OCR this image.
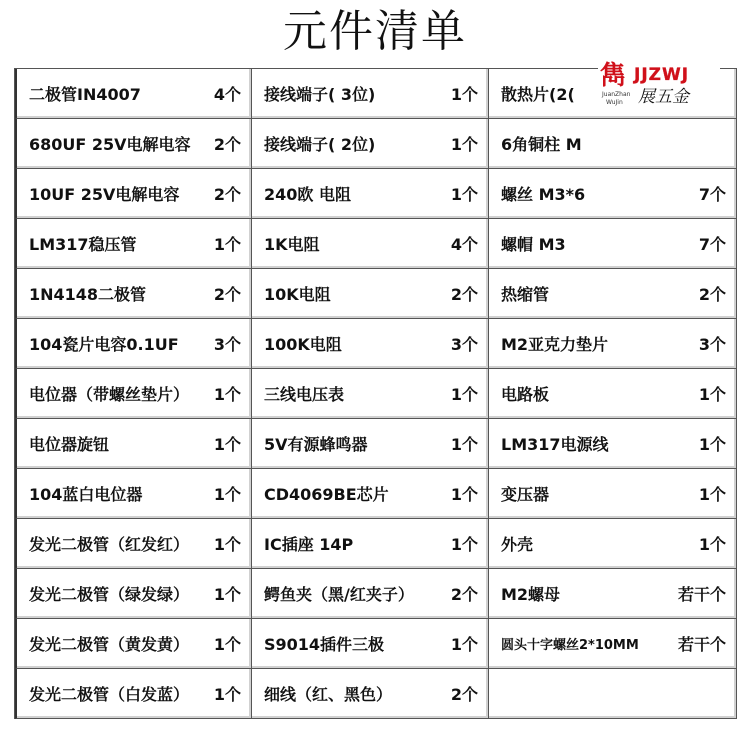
元件清单
二极管IN4007	4个 接线端子( 3位)	1个 散热片(2(
680UF 25V电解电容 2个 接线端子( 2位)	1个 6角铜柱 M
10UF 25V电解电容 2个 240欧 电阻	1个 螺丝 M3*6	7个
LM317稳压管	1个 1K电阻	4个 螺帽 M3	7个
1N4148二极管	2个 10K电阻	2个 热缩管	2个
104瓷片电容0.1UF 3个 100K电阻	3个 M2亚克力垫片	3个
电位器（带螺丝垫片） 1个 三线电压表	1个 电路板	1个
电位器旋钮	1个 5V有源蜂鸣器	1个 LM317电源线	1个
104蓝白电位器	1个 CD4069BE芯片	1个 变压器	1个
发光二极管（红发红） 1个 IC插座 14P	1个 外壳	1个
发光二极管（绿发绿） 1个 鳄鱼夹（黑/红夹子） 2个 M2螺母	若干个
发光二极管（黄发黄） 1个 S9014插件三极	1个 圆头十字螺丝2*10MM 若干个
发光二极管（白发蓝） 1个 细线（红、黑色）	2个
雋 JJZWJ
JuanZhan
WuJin 展五金
